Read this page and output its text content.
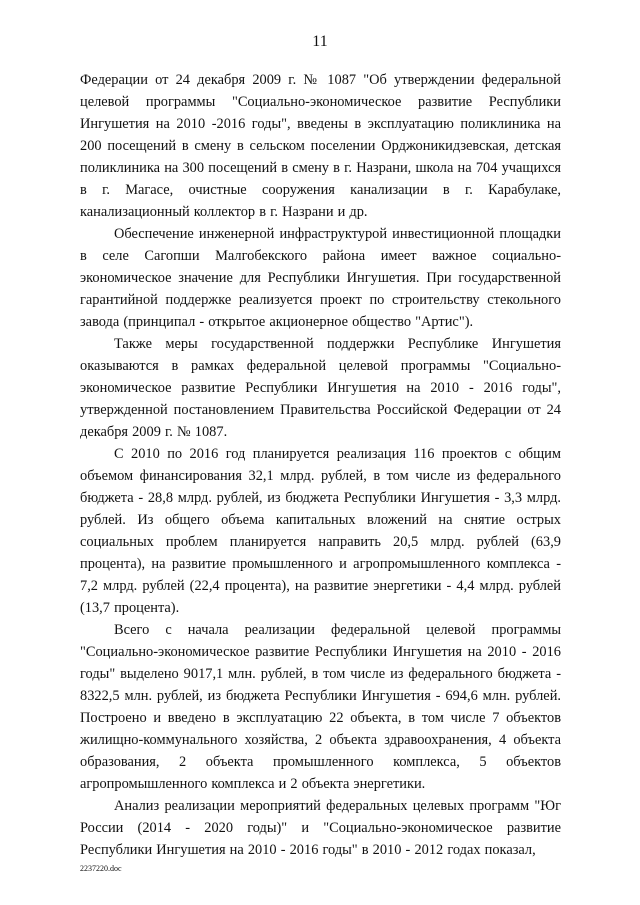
11

Федерации от 24 декабря 2009 г. № 1087 "Об утверждении федеральной целевой программы "Социально-экономическое развитие Республики Ингушетия на 2010 -2016 годы", введены в эксплуатацию поликлиника на 200 посещений в смену в сельском поселении Орджоникидзевская, детская поликлиника на 300 посещений в смену в г. Назрани, школа на 704 учащихся в г. Магасе, очистные сооружения канализации в г. Карабулаке, канализационный коллектор в г. Назрани и др.

Обеспечение инженерной инфраструктурой инвестиционной площадки в селе Сагопши Малгобекского района имеет важное социально-экономическое значение для Республики Ингушетия. При государственной гарантийной поддержке реализуется проект по строительству стекольного завода (принципал - открытое акционерное общество "Артис").

Также меры государственной поддержки Республике Ингушетия оказываются в рамках федеральной целевой программы "Социально-экономическое развитие Республики Ингушетия на 2010 - 2016 годы", утвержденной постановлением Правительства Российской Федерации от 24 декабря 2009 г. № 1087.

С 2010 по 2016 год планируется реализация 116 проектов с общим объемом финансирования 32,1 млрд. рублей, в том числе из федерального бюджета - 28,8 млрд. рублей, из бюджета Республики Ингушетия - 3,3 млрд. рублей. Из общего объема капитальных вложений на снятие острых социальных проблем планируется направить 20,5 млрд. рублей (63,9 процента), на развитие промышленного и агропромышленного комплекса - 7,2 млрд. рублей (22,4 процента), на развитие энергетики - 4,4 млрд. рублей (13,7 процента).

Всего с начала реализации федеральной целевой программы "Социально-экономическое развитие Республики Ингушетия на 2010 - 2016 годы" выделено 9017,1 млн. рублей, в том числе из федерального бюджета - 8322,5 млн. рублей, из бюджета Республики Ингушетия - 694,6 млн. рублей. Построено и введено в эксплуатацию 22 объекта, в том числе 7 объектов жилищно-коммунального хозяйства, 2 объекта здравоохранения, 4 объекта образования, 2 объекта промышленного комплекса, 5 объектов агропромышленного комплекса и 2 объекта энергетики.

Анализ реализации мероприятий федеральных целевых программ "Юг России (2014 - 2020 годы)" и "Социально-экономическое развитие Республики Ингушетия на 2010 - 2016 годы" в 2010 - 2012 годах показал,

2237220.doc
